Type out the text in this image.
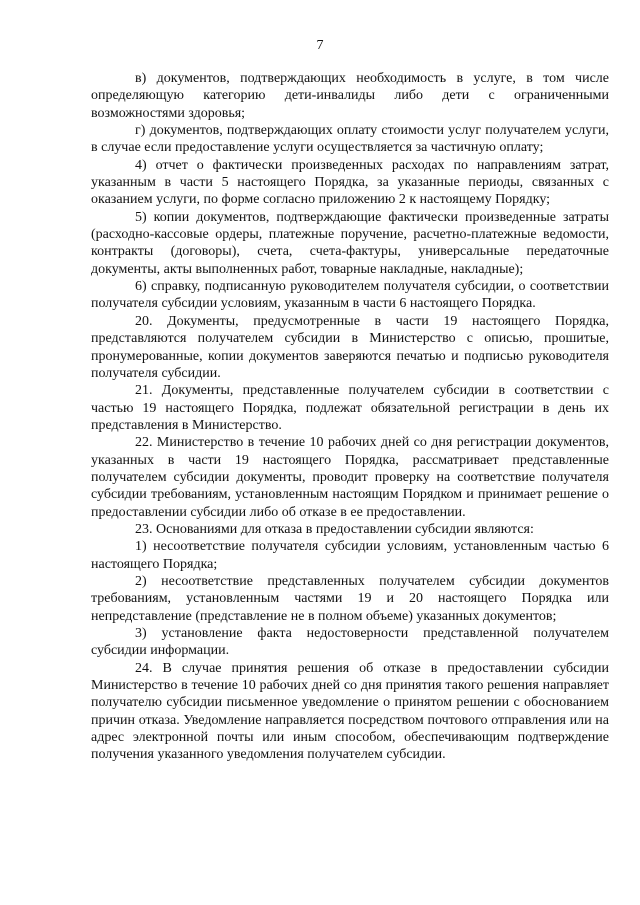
7

в) документов, подтверждающих необходимость в услуге, в том числе определяющую категорию дети-инвалиды либо дети с ограниченными возможностями здоровья;

г) документов, подтверждающих оплату стоимости услуг получателем услуги, в случае если предоставление услуги осуществляется за частичную оплату;

4) отчет о фактически произведенных расходах по направлениям затрат, указанным в части 5 настоящего Порядка, за указанные периоды, связанных с оказанием услуги, по форме согласно приложению 2 к настоящему Порядку;

5) копии документов, подтверждающие фактически произведенные затраты (расходно-кассовые ордеры, платежные поручение, расчетно-платежные ведомости, контракты (договоры), счета, счета-фактуры, универсальные передаточные документы, акты выполненных работ, товарные накладные, накладные);

6) справку, подписанную руководителем получателя субсидии, о соответствии получателя субсидии условиям, указанным в части 6 настоящего Порядка.

20. Документы, предусмотренные в части 19 настоящего Порядка, представляются получателем субсидии в Министерство с описью, прошитые, пронумерованные, копии документов заверяются печатью и подписью руководителя получателя субсидии.

21. Документы, представленные получателем субсидии в соответствии с частью 19 настоящего Порядка, подлежат обязательной регистрации в день их представления в Министерство.

22. Министерство в течение 10 рабочих дней со дня регистрации документов, указанных в части 19 настоящего Порядка, рассматривает представленные получателем субсидии документы, проводит проверку на соответствие получателя субсидии требованиям, установленным настоящим Порядком и принимает решение о предоставлении субсидии либо об отказе в ее предоставлении.

23. Основаниями для отказа в предоставлении субсидии являются:

1) несоответствие получателя субсидии условиям, установленным частью 6 настоящего Порядка;

2) несоответствие представленных получателем субсидии документов требованиям, установленным частями 19 и 20 настоящего Порядка или непредставление (представление не в полном объеме) указанных документов;

3) установление факта недостоверности представленной получателем субсидии информации.

24. В случае принятия решения об отказе в предоставлении субсидии Министерство в течение 10 рабочих дней со дня принятия такого решения направляет получателю субсидии письменное уведомление о принятом решении с обоснованием причин отказа. Уведомление направляется посредством почтового отправления или на адрес электронной почты или иным способом, обеспечивающим подтверждение получения указанного уведомления получателем субсидии.
